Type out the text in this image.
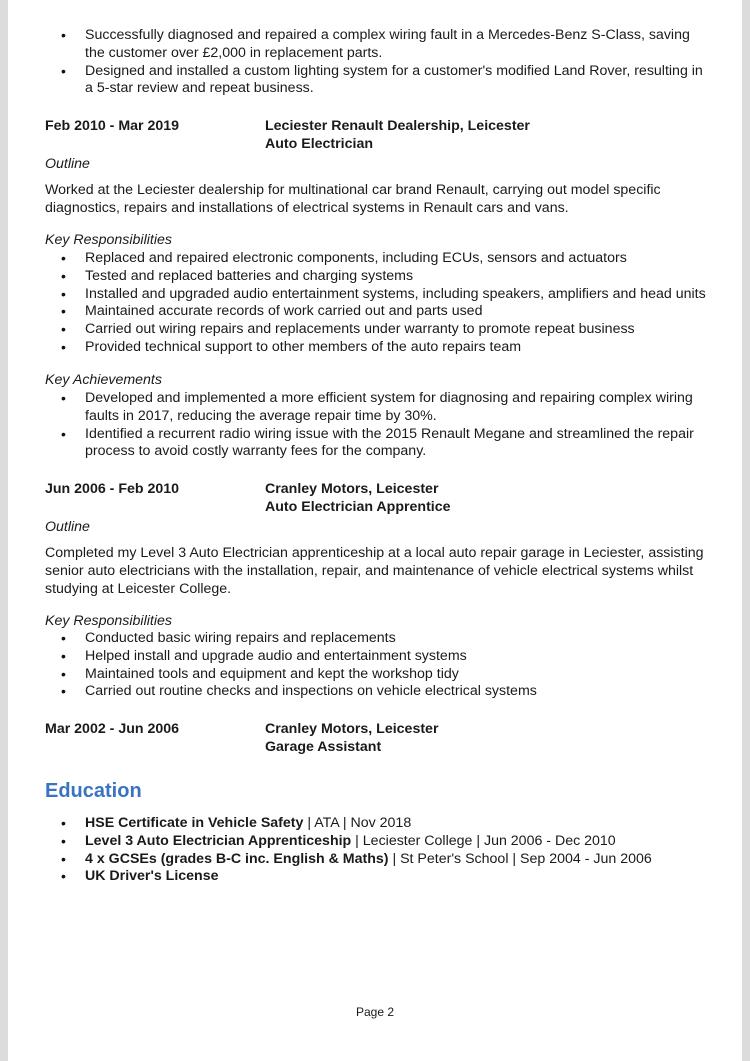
• Successfully diagnosed and repaired a complex wiring fault in a Mercedes-Benz S-Class, saving the customer over £2,000 in replacement parts.
• Designed and installed a custom lighting system for a customer's modified Land Rover, resulting in a 5-star review and repeat business.
Feb 2010 - Mar 2019	Leciester Renault Dealership, Leicester
Auto Electrician
Outline

Worked at the Leciester dealership for multinational car brand Renault, carrying out model specific diagnostics, repairs and installations of electrical systems in Renault cars and vans.

Key Responsibilities
• Replaced and repaired electronic components, including ECUs, sensors and actuators
• Tested and replaced batteries and charging systems
• Installed and upgraded audio entertainment systems, including speakers, amplifiers and head units
• Maintained accurate records of work carried out and parts used
• Carried out wiring repairs and replacements under warranty to promote repeat business
• Provided technical support to other members of the auto repairs team
Key Achievements
• Developed and implemented a more efficient system for diagnosing and repairing complex wiring faults in 2017, reducing the average repair time by 30%.
• Identified a recurrent radio wiring issue with the 2015 Renault Megane and streamlined the repair process to avoid costly warranty fees for the company.
Jun 2006 - Feb 2010	Cranley Motors, Leicester
Auto Electrician Apprentice
Outline

Completed my Level 3 Auto Electrician apprenticeship at a local auto repair garage in Leciester, assisting senior auto electricians with the installation, repair, and maintenance of vehicle electrical systems whilst studying at Leicester College.

Key Responsibilities
• Conducted basic wiring repairs and replacements
• Helped install and upgrade audio and entertainment systems
• Maintained tools and equipment and kept the workshop tidy
• Carried out routine checks and inspections on vehicle electrical systems
Mar 2002 - Jun 2006	Cranley Motors, Leicester
Garage Assistant
Education
• HSE Certificate in Vehicle Safety | ATA | Nov 2018
• Level 3 Auto Electrician Apprenticeship | Leciester College | Jun 2006 - Dec 2010
• 4 x GCSEs (grades B-C inc. English & Maths) | St Peter's School | Sep 2004 - Jun 2006
• UK Driver's License
Page 2
